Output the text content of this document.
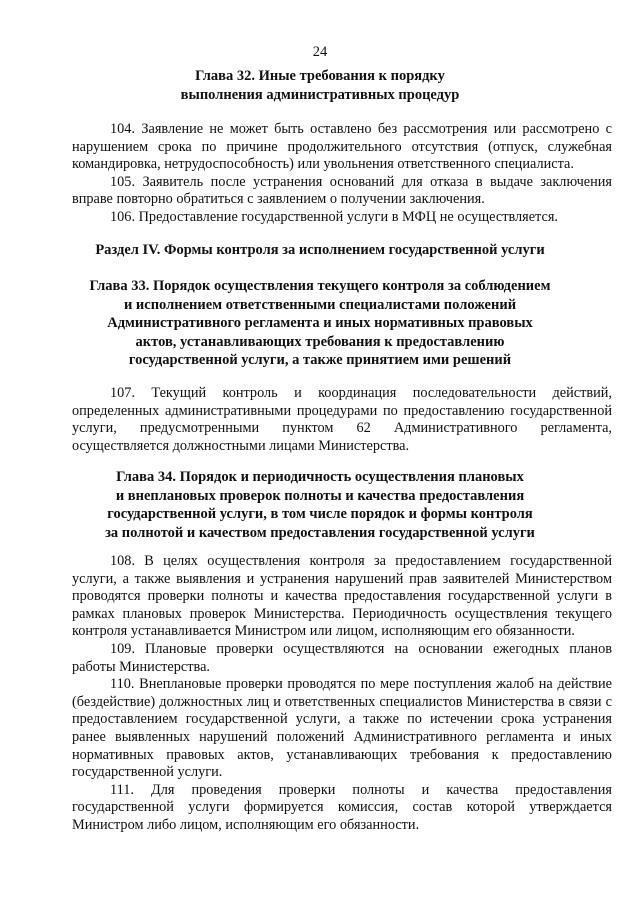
24
Глава 32. Иные требования к порядку
выполнения административных процедур

104. Заявление не может быть оставлено без рассмотрения или рассмотрено с нарушением срока по причине продолжительного отсутствия (отпуск, служебная командировка, нетрудоспособность) или увольнения ответственного специалиста.

105. Заявитель после устранения оснований для отказа в выдаче заключения вправе повторно обратиться с заявлением о получении заключения.

106. Предоставление государственной услуги в МФЦ не осуществляется.

Раздел IV. Формы контроля за исполнением государственной услуги
Глава 33. Порядок осуществления текущего контроля за соблюдением
и исполнением ответственными специалистами положений
Административного регламента и иных нормативных правовых
актов, устанавливающих требования к предоставлению
государственной услуги, а также принятием ими решений

107. Текущий контроль и координация последовательности действий, определенных административными процедурами по предоставлению государственной услуги, предусмотренными пунктом 62 Административного регламента, осуществляется должностными лицами Министерства.

Глава 34. Порядок и периодичность осуществления плановых
и внеплановых проверок полноты и качества предоставления
государственной услуги, в том числе порядок и формы контроля
за полнотой и качеством предоставления государственной услуги

108. В целях осуществления контроля за предоставлением государственной услуги, а также выявления и устранения нарушений прав заявителей Министерством проводятся проверки полноты и качества предоставления государственной услуги в рамках плановых проверок Министерства. Периодичность осуществления текущего контроля устанавливается Министром или лицом, исполняющим его обязанности.

109. Плановые проверки осуществляются на основании ежегодных планов работы Министерства.

110. Внеплановые проверки проводятся по мере поступления жалоб на действие (бездействие) должностных лиц и ответственных специалистов Министерства в связи с предоставлением государственной услуги, а также по истечении срока устранения ранее выявленных нарушений положений Административного регламента и иных нормативных правовых актов, устанавливающих требования к предоставлению государственной услуги.

111. Для проведения проверки полноты и качества предоставления государственной услуги формируется комиссия, состав которой утверждается Министром либо лицом, исполняющим его обязанности.
